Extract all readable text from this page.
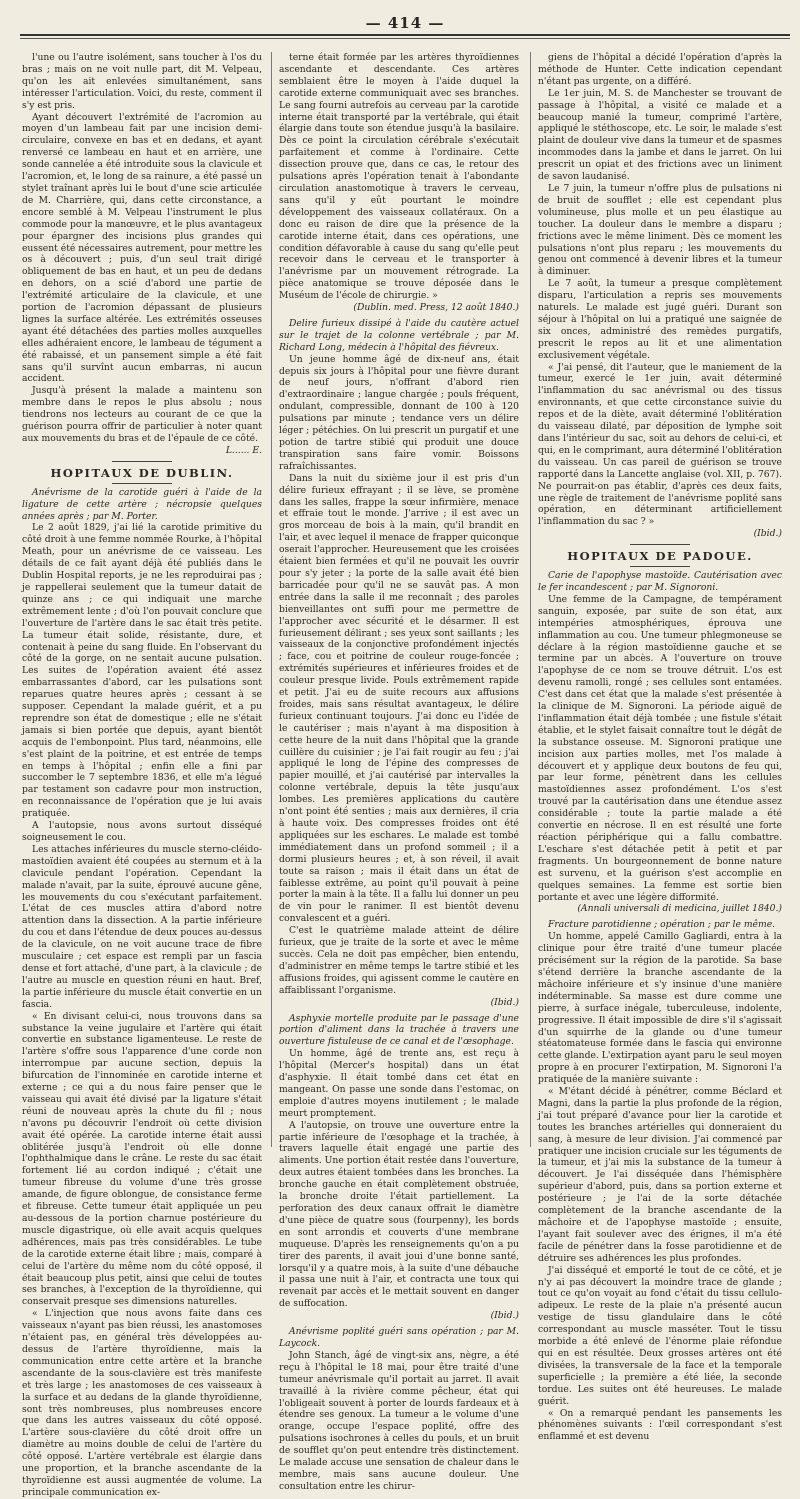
— 414 —

l'une ou l'autre isolément, sans toucher à l'os du bras ; mais on ne voit nulle part, dit M. Velpeau, qu'on les ait enlevées simultanément, sans intéresser l'articulation. Voici, du reste, comment il s'y est pris.

Ayant découvert l'extrémité de l'acromion au moyen d'un lambeau fait par une incision demi-circulaire, convexe en bas et en dedans, et ayant renversé ce lambeau en haut et en arrière, une sonde cannelée a été introduite sous la clavicule et l'acromion, et, le long de sa rainure, a été passé un stylet traînant après lui le bout d'une scie articulée de M. Charrière, qui, dans cette circonstance, a encore semblé à M. Velpeau l'instrument le plus commode pour la manœuvre, et le plus avantageux pour épargner des incisions plus grandes qui eussent été nécessaires autrement, pour mettre les os à découvert ; puis, d'un seul trait dirigé obliquement de bas en haut, et un peu de dedans en dehors, on a scié d'abord une partie de l'extrémité articulaire de la clavicule, et une portion de l'acromion dépassant de plusieurs lignes la surface altérée. Les extrémités osseuses ayant été détachées des parties molles auxquelles elles adhéraient encore, le lambeau de tégument a été rabaissé, et un pansement simple a été fait sans qu'il survînt aucun embarras, ni aucun accident.

Jusqu'à présent la malade a maintenu son membre dans le repos le plus absolu ; nous tiendrons nos lecteurs au courant de ce que la guérison pourra offrir de particulier à noter quant aux mouvements du bras et de l'épaule de ce côté.

L...... E.

HOPITAUX DE DUBLIN.

Anévrisme de la carotide guéri à l'aide de la ligature de cette artère ; nécropsie quelques années après ; par M. Porter.

Le 2 août 1829, j'ai lié la carotide primitive du côté droit à une femme nommée Rourke, à l'hôpital Meath, pour un anévrisme de ce vaisseau. Les détails de ce fait ayant déjà été publiés dans le Dublin Hospital reports, je ne les reproduirai pas ; je rappellerai seulement que la tumeur datait de quinze ans ; ce qui indiquait une marche extrêmement lente ; d'où l'on pouvait conclure que l'ouverture de l'artère dans le sac était très petite. La tumeur était solide, résistante, dure, et contenait à peine du sang fluide. En l'observant du côté de la gorge, on ne sentait aucune pulsation. Les suites de l'opération avaient été assez embarrassantes d'abord, car les pulsations sont reparues quatre heures après ; cessant à se supposer. Cependant la malade guérit, et a pu reprendre son état de domestique ; elle ne s'était jamais si bien portée que depuis, ayant bientôt acquis de l'embonpoint. Plus tard, néanmoins, elle s'est plaint de la poitrine, et est entrée de temps en temps à l'hôpital ; enfin elle a fini par succomber le 7 septembre 1836, et elle m'a légué par testament son cadavre pour mon instruction, en reconnaissance de l'opération que je lui avais pratiquée.

A l'autopsie, nous avons surtout disséqué soigneusement le cou.

Les attaches inférieures du muscle sterno-cléido-mastoïdien avaient été coupées au sternum et à la clavicule pendant l'opération. Cependant la malade n'avait, par la suite, éprouvé aucune gêne, les mouvements du cou s'exécutant parfaitement. L'état de ces muscles attira d'abord notre attention dans la dissection. A la partie inférieure du cou et dans l'étendue de deux pouces au-dessus de la clavicule, on ne voit aucune trace de fibre musculaire ; cet espace est rempli par un fascia dense et fort attaché, d'une part, à la clavicule ; de l'autre au muscle en question réuni en haut. Bref, la partie inférieure du muscle était convertie en un fascia.

« En divisant celui-ci, nous trouvons dans sa substance la veine jugulaire et l'artère qui était convertie en substance ligamenteuse. Le reste de l'artère s'offre sous l'apparence d'une corde non interrompue par aucune section, depuis la bifurcation de l'innominée en carotide interne et externe ; ce qui a du nous faire penser que le vaisseau qui avait été divisé par la ligature s'était réuni de nouveau après la chute du fil ; nous n'avons pu découvrir l'endroit où cette division avait été opérée. La carotide interne était aussi oblitérée jusqu'à l'endroit où elle donne l'ophthalmique dans le crâne. Le reste du sac était fortement lié au cordon indiqué ; c'était une tumeur fibreuse du volume d'une très grosse amande, de figure oblongue, de consistance ferme et fibreuse. Cette tumeur était appliquée un peu au-dessous de la portion charnue postérieure du muscle digastrique, où elle avait acquis quelques adhérences, mais pas très considérables. Le tube de la carotide externe était libre ; mais, comparé à celui de l'artère du même nom du côté opposé, il était beaucoup plus petit, ainsi que celui de toutes ses branches, à l'exception de la thyroïdienne, qui conservait presque ses dimensions naturelles.

« L'injection que nous avons faite dans ces vaisseaux n'ayant pas bien réussi, les anastomoses n'étaient pas, en général très développées au-dessus de l'artère thyroïdienne, mais la communication entre cette artère et la branche ascendante de la sous-clavière est très manifeste et très large ; les anastomoses de ces vaisseaux à la surface et au dedans de la glande thyroïdienne, sont très nombreuses, plus nombreuses encore que dans les autres vaisseaux du côté opposé. L'artère sous-clavière du côté droit offre un diamètre au moins double de celui de l'artère du côté opposé. L'artère vertébrale est élargie dans une proportion, et la branche ascendante de la thyroïdienne est aussi augmentée de volume. La principale communication ex-

terne était formée par les artères thyroïdiennes ascendante et descendante. Ces artères semblaient être le moyen à l'aide duquel la carotide externe communiquait avec ses branches. Le sang fourni autrefois au cerveau par la carotide interne était transporté par la vertébrale, qui était élargie dans toute son étendue jusqu'à la basilaire. Dès ce point la circulation cérébrale s'exécutait parfaitement et comme à l'ordinaire. Cette dissection prouve que, dans ce cas, le retour des pulsations après l'opération tenait à l'abondante circulation anastomotique à travers le cerveau, sans qu'il y eût pourtant le moindre développement des vaisseaux collatéraux. On a donc eu raison de dire que la présence de la carotide interne était, dans ces opérations, une condition défavorable à cause du sang qu'elle peut recevoir dans le cerveau et le transporter à l'anévrisme par un mouvement rétrograde. La pièce anatomique se trouve déposée dans le Muséum de l'école de chirurgie. »

(Dublin. med. Press, 12 août 1840.)

Delire furieux dissipé à l'aide du cautère actuel sur le trajet de la colonne vertébrale ; par M. Richard Long, médecin à l'hôpital des fiévreux.

Un jeune homme âgé de dix-neuf ans, était depuis six jours à l'hôpital pour une fièvre durant de neuf jours, n'offrant d'abord rien d'extraordinaire ; langue chargée ; pouls fréquent, ondulant, compressible, donnant de 100 à 120 pulsations par minute ; tendance vers un délire léger ; pétéchies. On lui prescrit un purgatif et une potion de tartre stibié qui produit une douce transpiration sans faire vomir. Boissons rafraîchissantes.

Dans la nuit du sixième jour il est pris d'un délire furieux effrayant ; il se lève, se promène dans les salles, frappe la sœur infirmière, menace et effraie tout le monde. J'arrive ; il est avec un gros morceau de bois à la main, qu'il brandit en l'air, et avec lequel il menace de frapper quiconque oserait l'approcher. Heureusement que les croisées étaient bien fermées et qu'il ne pouvait les ouvrir pour s'y jeter ; la porte de la salle avait été bien barricadée pour qu'il ne se sauvât pas. A mon entrée dans la salle il me reconnaît ; des paroles bienveillantes ont suffi pour me permettre de l'approcher avec sécurité et le désarmer. Il est furieusement délirant ; ses yeux sont saillants ; les vaisseaux de la conjonctive profondément injectés ; face, cou et poitrine de couleur rouge-foncée ; extrémités supérieures et inférieures froides et de couleur presque livide. Pouls extrêmement rapide et petit. J'ai eu de suite recours aux affusions froides, mais sans résultat avantageux, le délire furieux continuant toujours. J'ai donc eu l'idée de le cautériser ; mais n'ayant à ma disposition à cette heure de la nuit dans l'hôpital que la grande cuillère du cuisinier ; je l'ai fait rougir au feu ; j'ai appliqué le long de l'épine des compresses de papier mouillé, et j'ai cautérisé par intervalles la colonne vertébrale, depuis la tête jusqu'aux lombes. Les premières applications du cautère n'ont point été senties ; mais aux dernières, il cria à haute voix. Des compresses froides ont été appliquées sur les eschares. Le malade est tombé immédiatement dans un profond sommeil ; il a dormi plusieurs heures ; et, à son réveil, il avait toute sa raison ; mais il était dans un état de faiblesse extrême, au point qu'il pouvait à peine porter la main à la tête. Il a fallu lui donner un peu de vin pour le ranimer. Il est bientôt devenu convalescent et a guéri.

C'est le quatrième malade atteint de délire furieux, que je traite de la sorte et avec le même succès. Cela ne doit pas empêcher, bien entendu, d'administrer en même temps le tartre stibié et les affusions froides, qui agissent comme le cautère en affaiblissant l'organisme.

(Ibid.)

Asphyxie mortelle produite par le passage d'une portion d'aliment dans la trachée à travers une ouverture fistuleuse de ce canal et de l'œsophage.

Un homme, âgé de trente ans, est reçu à l'hôpital (Mercer's hospital) dans un état d'asphyxie. Il était tombé dans cet état en mangeant. On passe une sonde dans l'estomac, on emploie d'autres moyens inutilement ; le malade meurt promptement.

A l'autopsie, on trouve une ouverture entre la partie inférieure de l'œsophage et la trachée, à travers laquelle était engagé une partie des aliments. Une portion était restée dans l'ouverture, deux autres étaient tombées dans les bronches. La bronche gauche en était complètement obstruée, la bronche droite l'était partiellement. La perforation des deux canaux offrait le diamètre d'une pièce de quatre sous (fourpenny), les bords en sont arrondis et couverts d'une membrane muqueuse. D'après les renseignements qu'on a pu tirer des parents, il avait joui d'une bonne santé, lorsqu'il y a quatre mois, à la suite d'une débauche il passa une nuit à l'air, et contracta une toux qui revenait par accès et le mettait souvent en danger de suffocation.

(Ibid.)

Anévrisme poplité guéri sans opération ; par M. Laycock.

John Stanch, âgé de vingt-six ans, nègre, a été reçu à l'hôpital le 18 mai, pour être traité d'une tumeur anévrismale qu'il portait au jarret. Il avait travaillé à la rivière comme pêcheur, état qui l'obligeait souvent à porter de lourds fardeaux et à étendre ses genoux. La tumeur a le volume d'une orange, occupe l'espace poplité, offre des pulsations isochrones à celles du pouls, et un bruit de soufflet qu'on peut entendre très distinctement. Le malade accuse une sensation de chaleur dans le membre, mais sans aucune douleur. Une consultation entre les chirur-

giens de l'hôpital a décidé l'opération d'après la méthode de Hunter. Cette indication cependant n'étant pas urgente, on a différé.

Le 1er juin, M. S. de Manchester se trouvant de passage à l'hôpital, a visité ce malade et a beaucoup manié la tumeur, comprimé l'artère, appliqué le stéthoscope, etc. Le soir, le malade s'est plaint de douleur vive dans la tumeur et de spasmes incommodes dans la jambe et dans le jarret. On lui prescrit un opiat et des frictions avec un liniment de savon laudanisé.

Le 7 juin, la tumeur n'offre plus de pulsations ni de bruit de soufflet ; elle est cependant plus volumineuse, plus molle et un peu élastique au toucher. La douleur dans le membre a disparu ; frictions avec le même liniment. Dès ce moment les pulsations n'ont plus reparu ; les mouvements du genou ont commencé à devenir libres et la tumeur à diminuer.

Le 7 août, la tumeur a presque complètement disparu, l'articulation a repris ses mouvements naturels. Le malade est jugé guéri. Durant son séjour à l'hôpital on lui a pratiqué une saignée de six onces, administré des remèdes purgatifs, prescrit le repos au lit et une alimentation exclusivement végétale.

« J'ai pensé, dit l'auteur, que le maniement de la tumeur, exercé le 1er juin, avait déterminé l'inflammation du sac anévrismal ou des tissus environnants, et que cette circonstance suivie du repos et de la diète, avait déterminé l'oblitération du vaisseau dilaté, par déposition de lymphe soit dans l'intérieur du sac, soit au dehors de celui-ci, et qui, en le comprimant, aura déterminé l'oblitération du vaisseau. Un cas pareil de guérison se trouve rapporté dans la Lancette anglaise (vol. XII, p. 767). Ne pourrait-on pas établir, d'après ces deux faits, une règle de traitement de l'anévrisme poplité sans opération, en déterminant artificiellement l'inflammation du sac ? »

(Ibid.)

HOPITAUX DE PADOUE.

Carie de l'apophyse mastoïde. Cautérisation avec le fer incandescent ; par M. Signoroni.

Une femme de la Campagne, de tempérament sanguin, exposée, par suite de son état, aux intempéries atmosphériques, éprouva une inflammation au cou. Une tumeur phlegmoneuse se déclare à la région mastoïdienne gauche et se termine par un abcès. A l'ouverture on trouve l'apophyse de ce nom se trouve détruit. L'os est devenu ramolli, rongé ; ses cellules sont entamées. C'est dans cet état que la malade s'est présentée à la clinique de M. Signoroni. La période aiguë de l'inflammation était déjà tombée ; une fistule s'était établie, et le stylet faisait connaître tout le dégât de la substance osseuse. M. Signoroni pratique une incision aux parties molles, met l'os malade à découvert et y applique deux boutons de feu qui, par leur forme, pénètrent dans les cellules mastoïdiennes assez profondément. L'os s'est trouvé par la cautérisation dans une étendue assez considérable ; toute la partie malade a été convertie en nécrose. Il en est résulté une forte réaction périphérique qui a fallu combattre. L'eschare s'est détachée petit à petit et par fragments. Un bourgeonnement de bonne nature est survenu, et la guérison s'est accomplie en quelques semaines. La femme est sortie bien portante et avec une légère difformité.

(Annali universali di medicina, juillet 1840.)

Fracture parotidienne ; opération ; par le même.

Un homme, appelé Camillo Gagliardi, entra à la clinique pour être traité d'une tumeur placée précisément sur la région de la parotide. Sa base s'étend derrière la branche ascendante de la mâchoire inférieure et s'y insinue d'une manière indéterminable. Sa masse est dure comme une pierre, à surface inégale, tuberculeuse, indolente, progressive. Il était impossible de dire s'il s'agissait d'un squirrhe de la glande ou d'une tumeur stéatomateuse formée dans le fascia qui environne cette glande. L'extirpation ayant paru le seul moyen propre à en procurer l'extirpation, M. Signoroni l'a pratiquée de la manière suivante :

« M'étant décidé à pénétrer, comme Béclard et Magni, dans la partie la plus profonde de la région, j'ai tout préparé d'avance pour lier la carotide et toutes les branches artérielles qui donneraient du sang, à mesure de leur division. J'ai commencé par pratiquer une incision cruciale sur les téguments de la tumeur, et j'ai mis la substance de la tumeur à découvert. Je l'ai disséquée dans l'hémisphère supérieur d'abord, puis, dans sa portion externe et postérieure ; je l'ai de la sorte détachée complètement de la branche ascendante de la mâchoire et de l'apophyse mastoïde ; ensuite, l'ayant fait soulever avec des érignes, il m'a été facile de pénétrer dans la fosse parotidienne et de détruire ses adhérences les plus profondes.

J'ai disséqué et emporté le tout de ce côté, et je n'y ai pas découvert la moindre trace de glande ; tout ce qu'on voyait au fond c'était du tissu cellulo-adipeux. Le reste de la plaie n'a présenté aucun vestige de tissu glandulaire dans le côté correspondant au muscle masséter. Tout le tissu morbide a été enlevé de l'énorme plaie réfondue qui en est résultée. Deux grosses artères ont été divisées, la transversale de la face et la temporale superficielle ; la première a été liée, la seconde tordue. Les suites ont été heureuses. Le malade guérit.

« On a remarqué pendant les pansements les phénomènes suivants : l'œil correspondant s'est enflammé et est devenu
